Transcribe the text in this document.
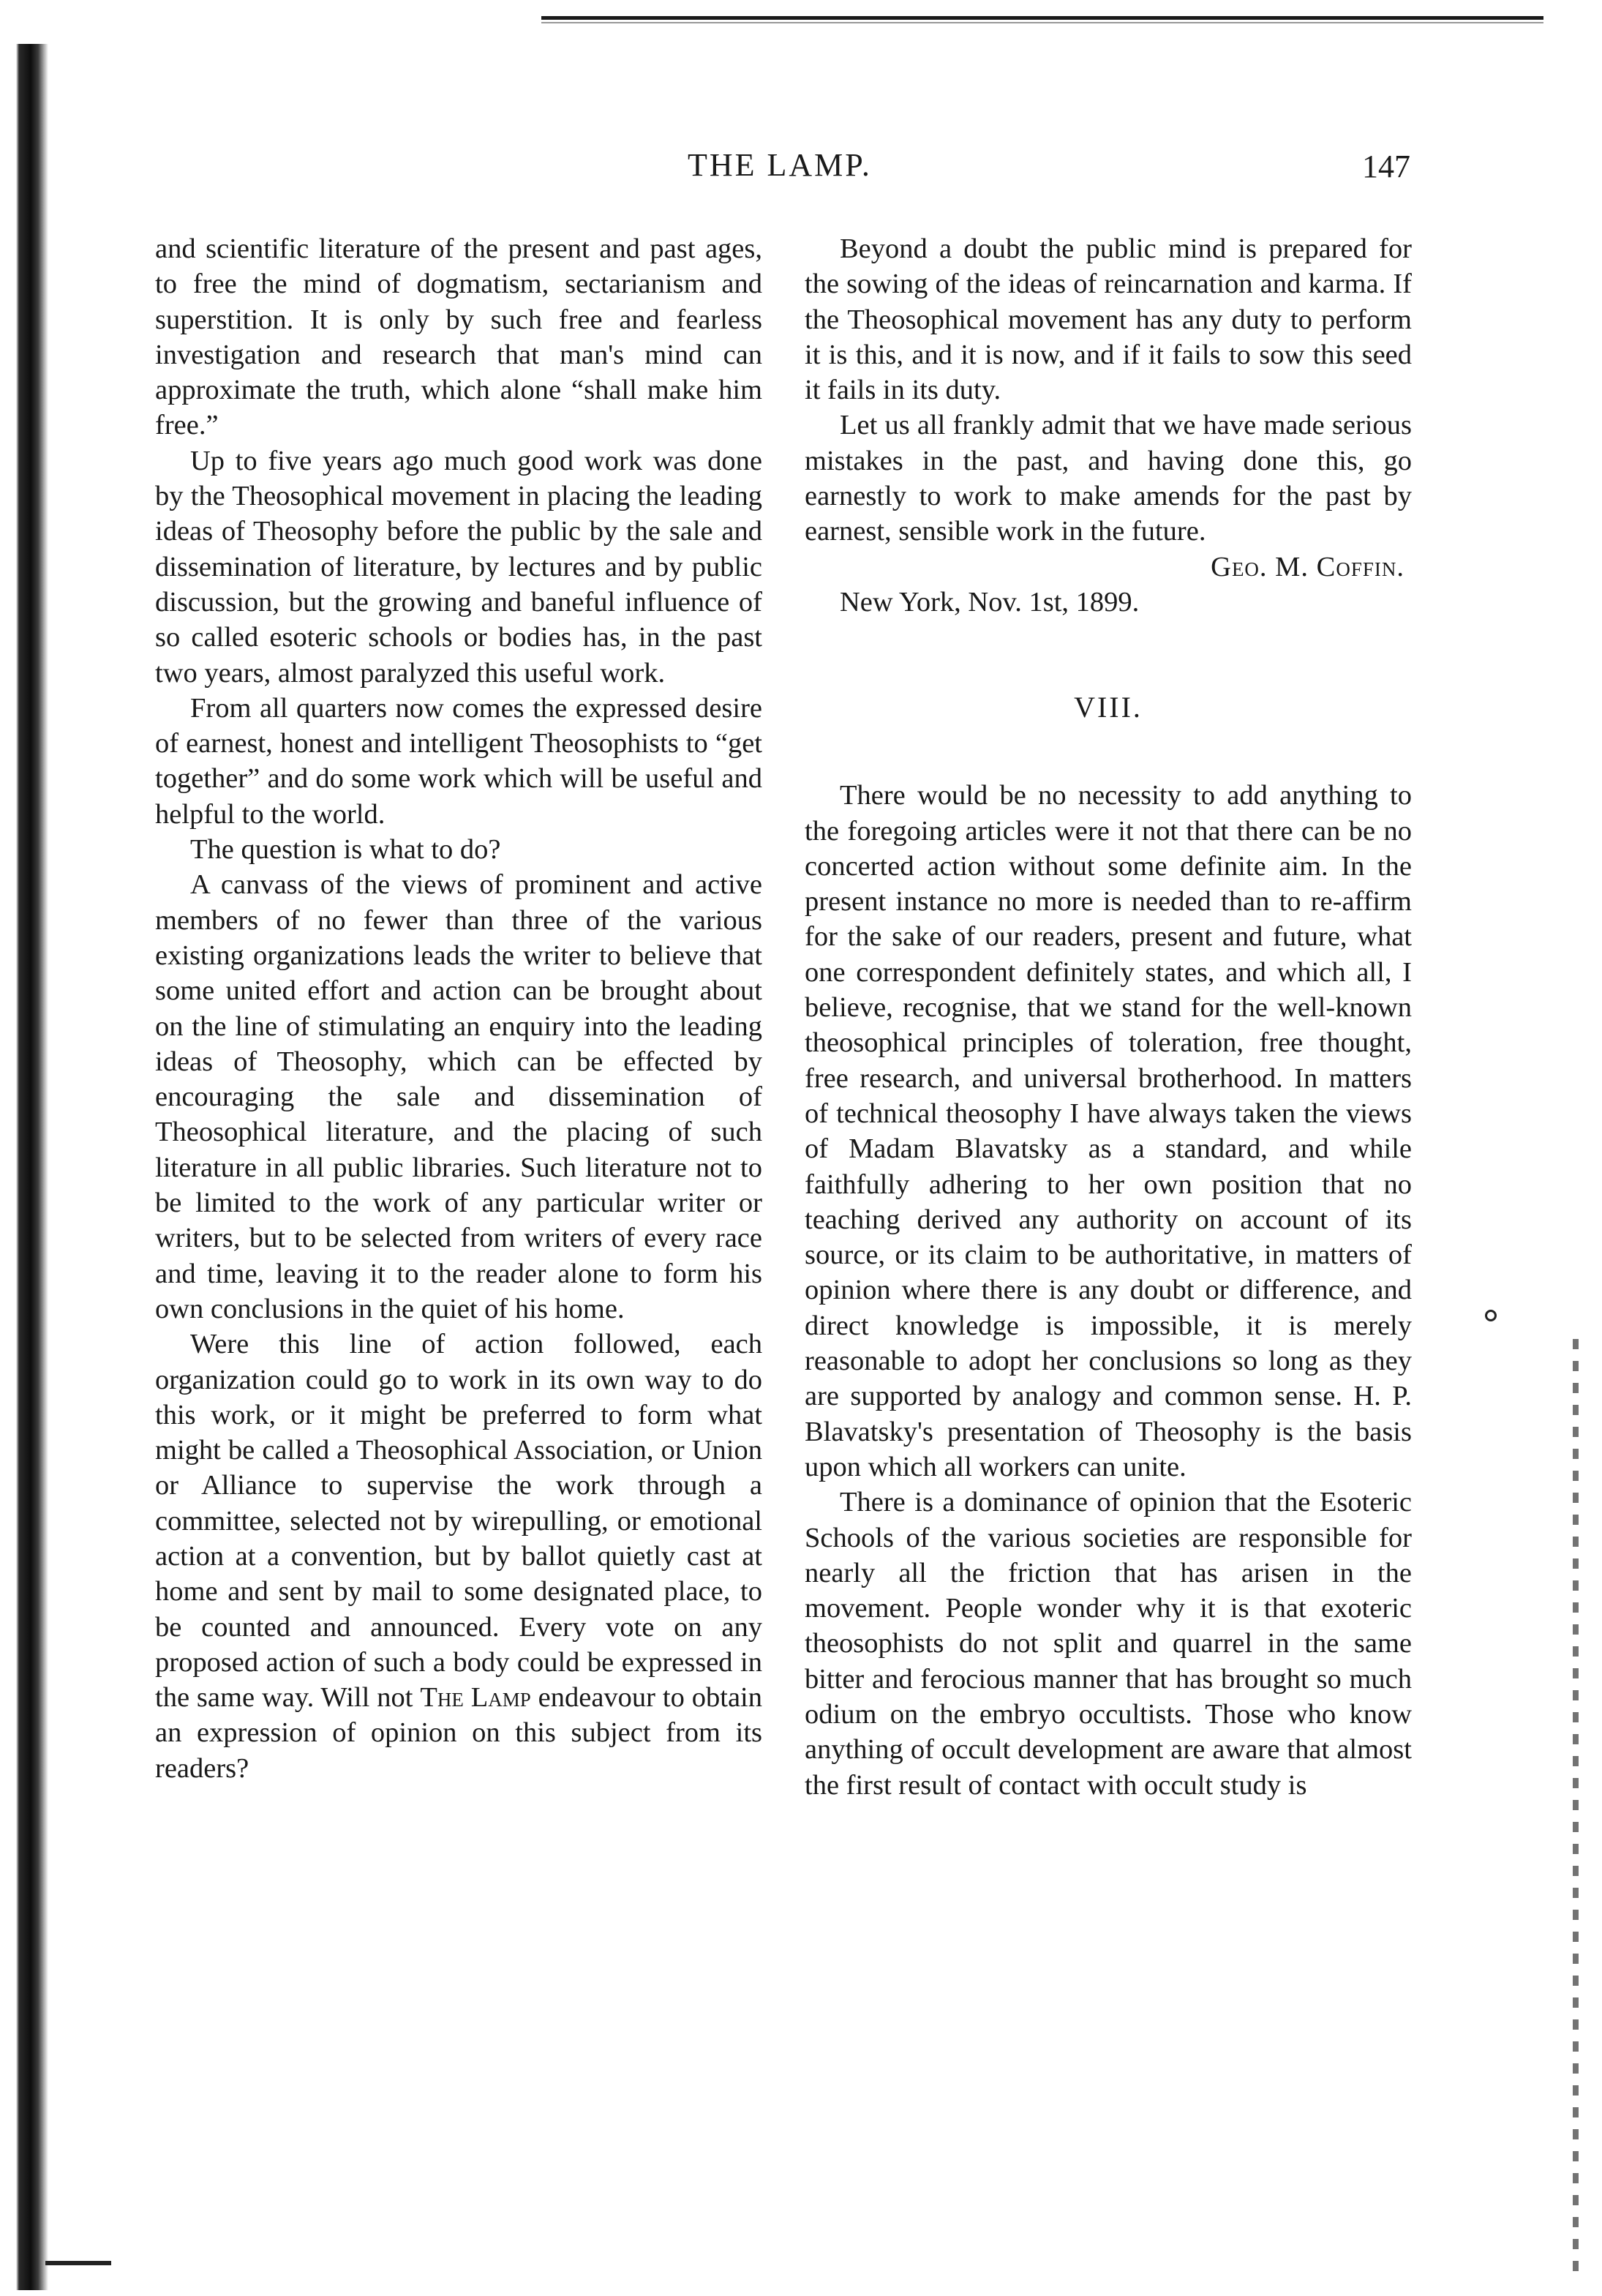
THE LAMP.	147

and scientific literature of the present and past ages, to free the mind of dogmatism, sectarianism and superstition. It is only by such free and fearless investigation and research that man's mind can approximate the truth, which alone “shall make him free.”

Up to five years ago much good work was done by the Theosophical movement in placing the leading ideas of Theosophy before the public by the sale and dissemination of literature, by lectures and by public discussion, but the growing and baneful influence of so called esoteric schools or bodies has, in the past two years, almost paralyzed this useful work.

From all quarters now comes the expressed desire of earnest, honest and intelligent Theosophists to “get together” and do some work which will be useful and helpful to the world.

The question is what to do?

A canvass of the views of prominent and active members of no fewer than three of the various existing organizations leads the writer to believe that some united effort and action can be brought about on the line of stimulating an enquiry into the leading ideas of Theosophy, which can be effected by encouraging the sale and dissemination of Theosophical literature, and the placing of such literature in all public libraries. Such literature not to be limited to the work of any particular writer or writers, but to be selected from writers of every race and time, leaving it to the reader alone to form his own conclusions in the quiet of his home.

Were this line of action followed, each organization could go to work in its own way to do this work, or it might be preferred to form what might be called a Theosophical Association, or Union or Alliance to supervise the work through a committee, selected not by wirepulling, or emotional action at a convention, but by ballot quietly cast at home and sent by mail to some designated place, to be counted and announced. Every vote on any proposed action of such a body could be expressed in the same way. Will not The Lamp endeavour to obtain an expression of opinion on this subject from its readers?

Beyond a doubt the public mind is prepared for the sowing of the ideas of reincarnation and karma. If the Theosophical movement has any duty to perform it is this, and it is now, and if it fails to sow this seed it fails in its duty.

Let us all frankly admit that we have made serious mistakes in the past, and having done this, go earnestly to work to make amends for the past by earnest, sensible work in the future.

Geo. M. Coffin.
New York, Nov. 1st, 1899.
VIII.

There would be no necessity to add anything to the foregoing articles were it not that there can be no concerted action without some definite aim. In the present instance no more is needed than to re-affirm for the sake of our readers, present and future, what one correspondent definitely states, and which all, I believe, recognise, that we stand for the well-known theosophical principles of toleration, free thought, free research, and universal brotherhood. In matters of technical theosophy I have always taken the views of Madam Blavatsky as a standard, and while faithfully adhering to her own position that no teaching derived any authority on account of its source, or its claim to be authoritative, in matters of opinion where there is any doubt or difference, and direct knowledge is impossible, it is merely reasonable to adopt her conclusions so long as they are supported by analogy and common sense. H. P. Blavatsky's presentation of Theosophy is the basis upon which all workers can unite.

There is a dominance of opinion that the Esoteric Schools of the various societies are responsible for nearly all the friction that has arisen in the movement. People wonder why it is that exoteric theosophists do not split and quarrel in the same bitter and ferocious manner that has brought so much odium on the embryo occultists. Those who know anything of occult development are aware that almost the first result of contact with occult study is
